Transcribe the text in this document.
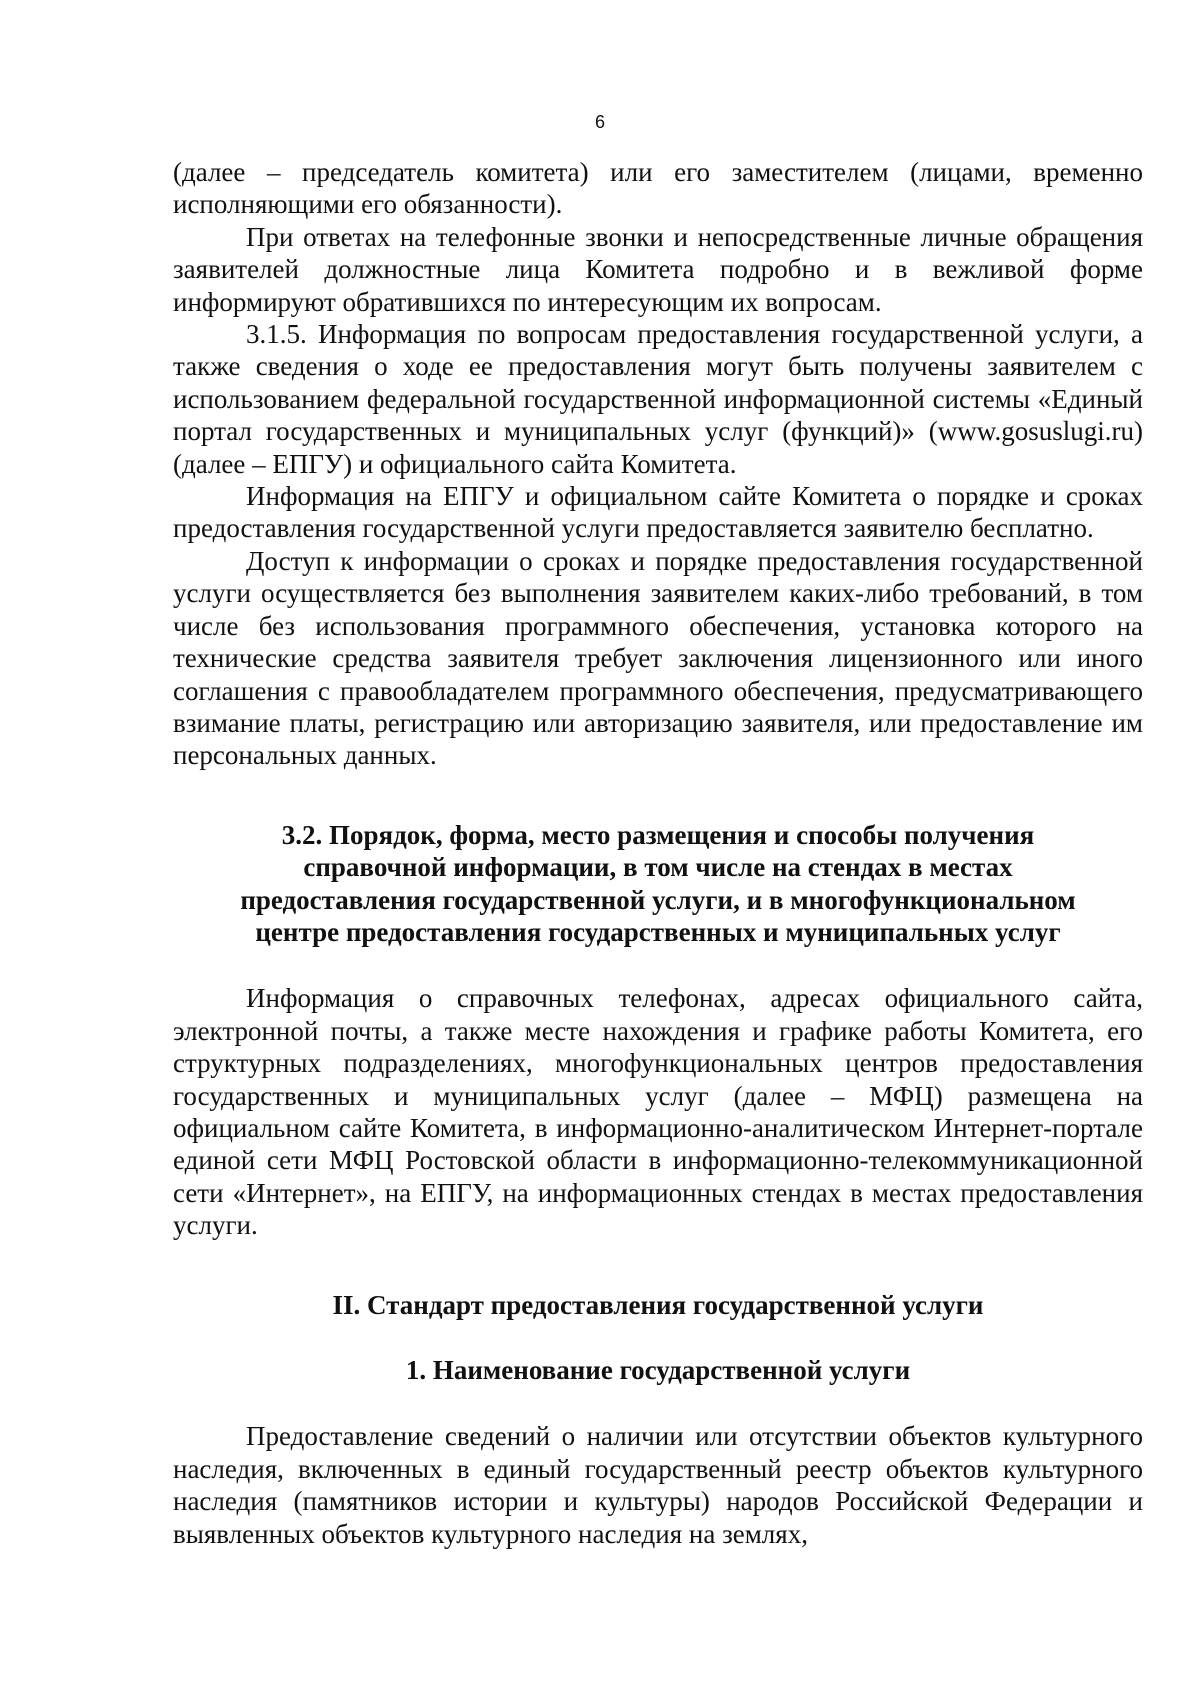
6

(далее – председатель комитета) или его заместителем (лицами, временно исполняющими его обязанности).

При ответах на телефонные звонки и непосредственные личные обращения заявителей должностные лица Комитета подробно и в вежливой форме информируют обратившихся по интересующим их вопросам.

3.1.5. Информация по вопросам предоставления государственной услуги, а также сведения о ходе ее предоставления могут быть получены заявителем с использованием федеральной государственной информационной системы «Единый портал государственных и муниципальных услуг (функций)» (www.gosuslugi.ru) (далее – ЕПГУ) и официального сайта Комитета.

Информация на ЕПГУ и официальном сайте Комитета о порядке и сроках предоставления государственной услуги предоставляется заявителю бесплатно.

Доступ к информации о сроках и порядке предоставления государственной услуги осуществляется без выполнения заявителем каких-либо требований, в том числе без использования программного обеспечения, установка которого на технические средства заявителя требует заключения лицензионного или иного соглашения с правообладателем программного обеспечения, предусматривающего взимание платы, регистрацию или авторизацию заявителя, или предоставление им персональных данных.

3.2. Порядок, форма, место размещения и способы получения
справочной информации, в том числе на стендах в местах
предоставления государственной услуги, и в многофункциональном
центре предоставления государственных и муниципальных услуг

Информация о справочных телефонах, адресах официального сайта, электронной почты, а также месте нахождения и графике работы Комитета, его структурных подразделениях, многофункциональных центров предоставления государственных и муниципальных услуг (далее – МФЦ) размещена на официальном сайте Комитета, в информационно-аналитическом Интернет-портале единой сети МФЦ Ростовской области в информационно-телекоммуникационной сети «Интернет», на ЕПГУ, на информационных стендах в местах предоставления услуги.

II. Стандарт предоставления государственной услуги
1. Наименование государственной услуги

Предоставление сведений о наличии или отсутствии объектов культурного наследия, включенных в единый государственный реестр объектов культурного наследия (памятников истории и культуры) народов Российской Федерации и выявленных объектов культурного наследия на землях,
